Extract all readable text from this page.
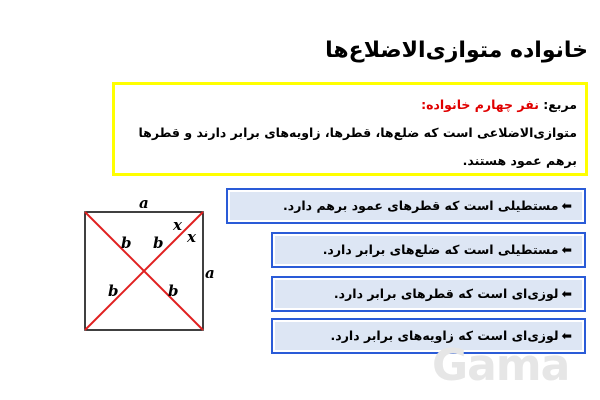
خانواده متوازی‌الاضلاع‌ها
مربع: نفر چهارم خانواده:
متوازی‌الاضلاعی است که ضلع‌ها، قطرها، زاویه‌های برابر دارند و قطرها برهم عمود هستند.
⬅مستطیلی است که قطرهای عمود برهم دارد.
⬅مستطیلی است که ضلع‌های برابر دارد.
⬅لوزی‌ای است که قطرهای برابر دارد.
⬅لوزی‌ای است که زاویه‌های برابر دارد.
a
a
b b
b	b
x
x
Gama
